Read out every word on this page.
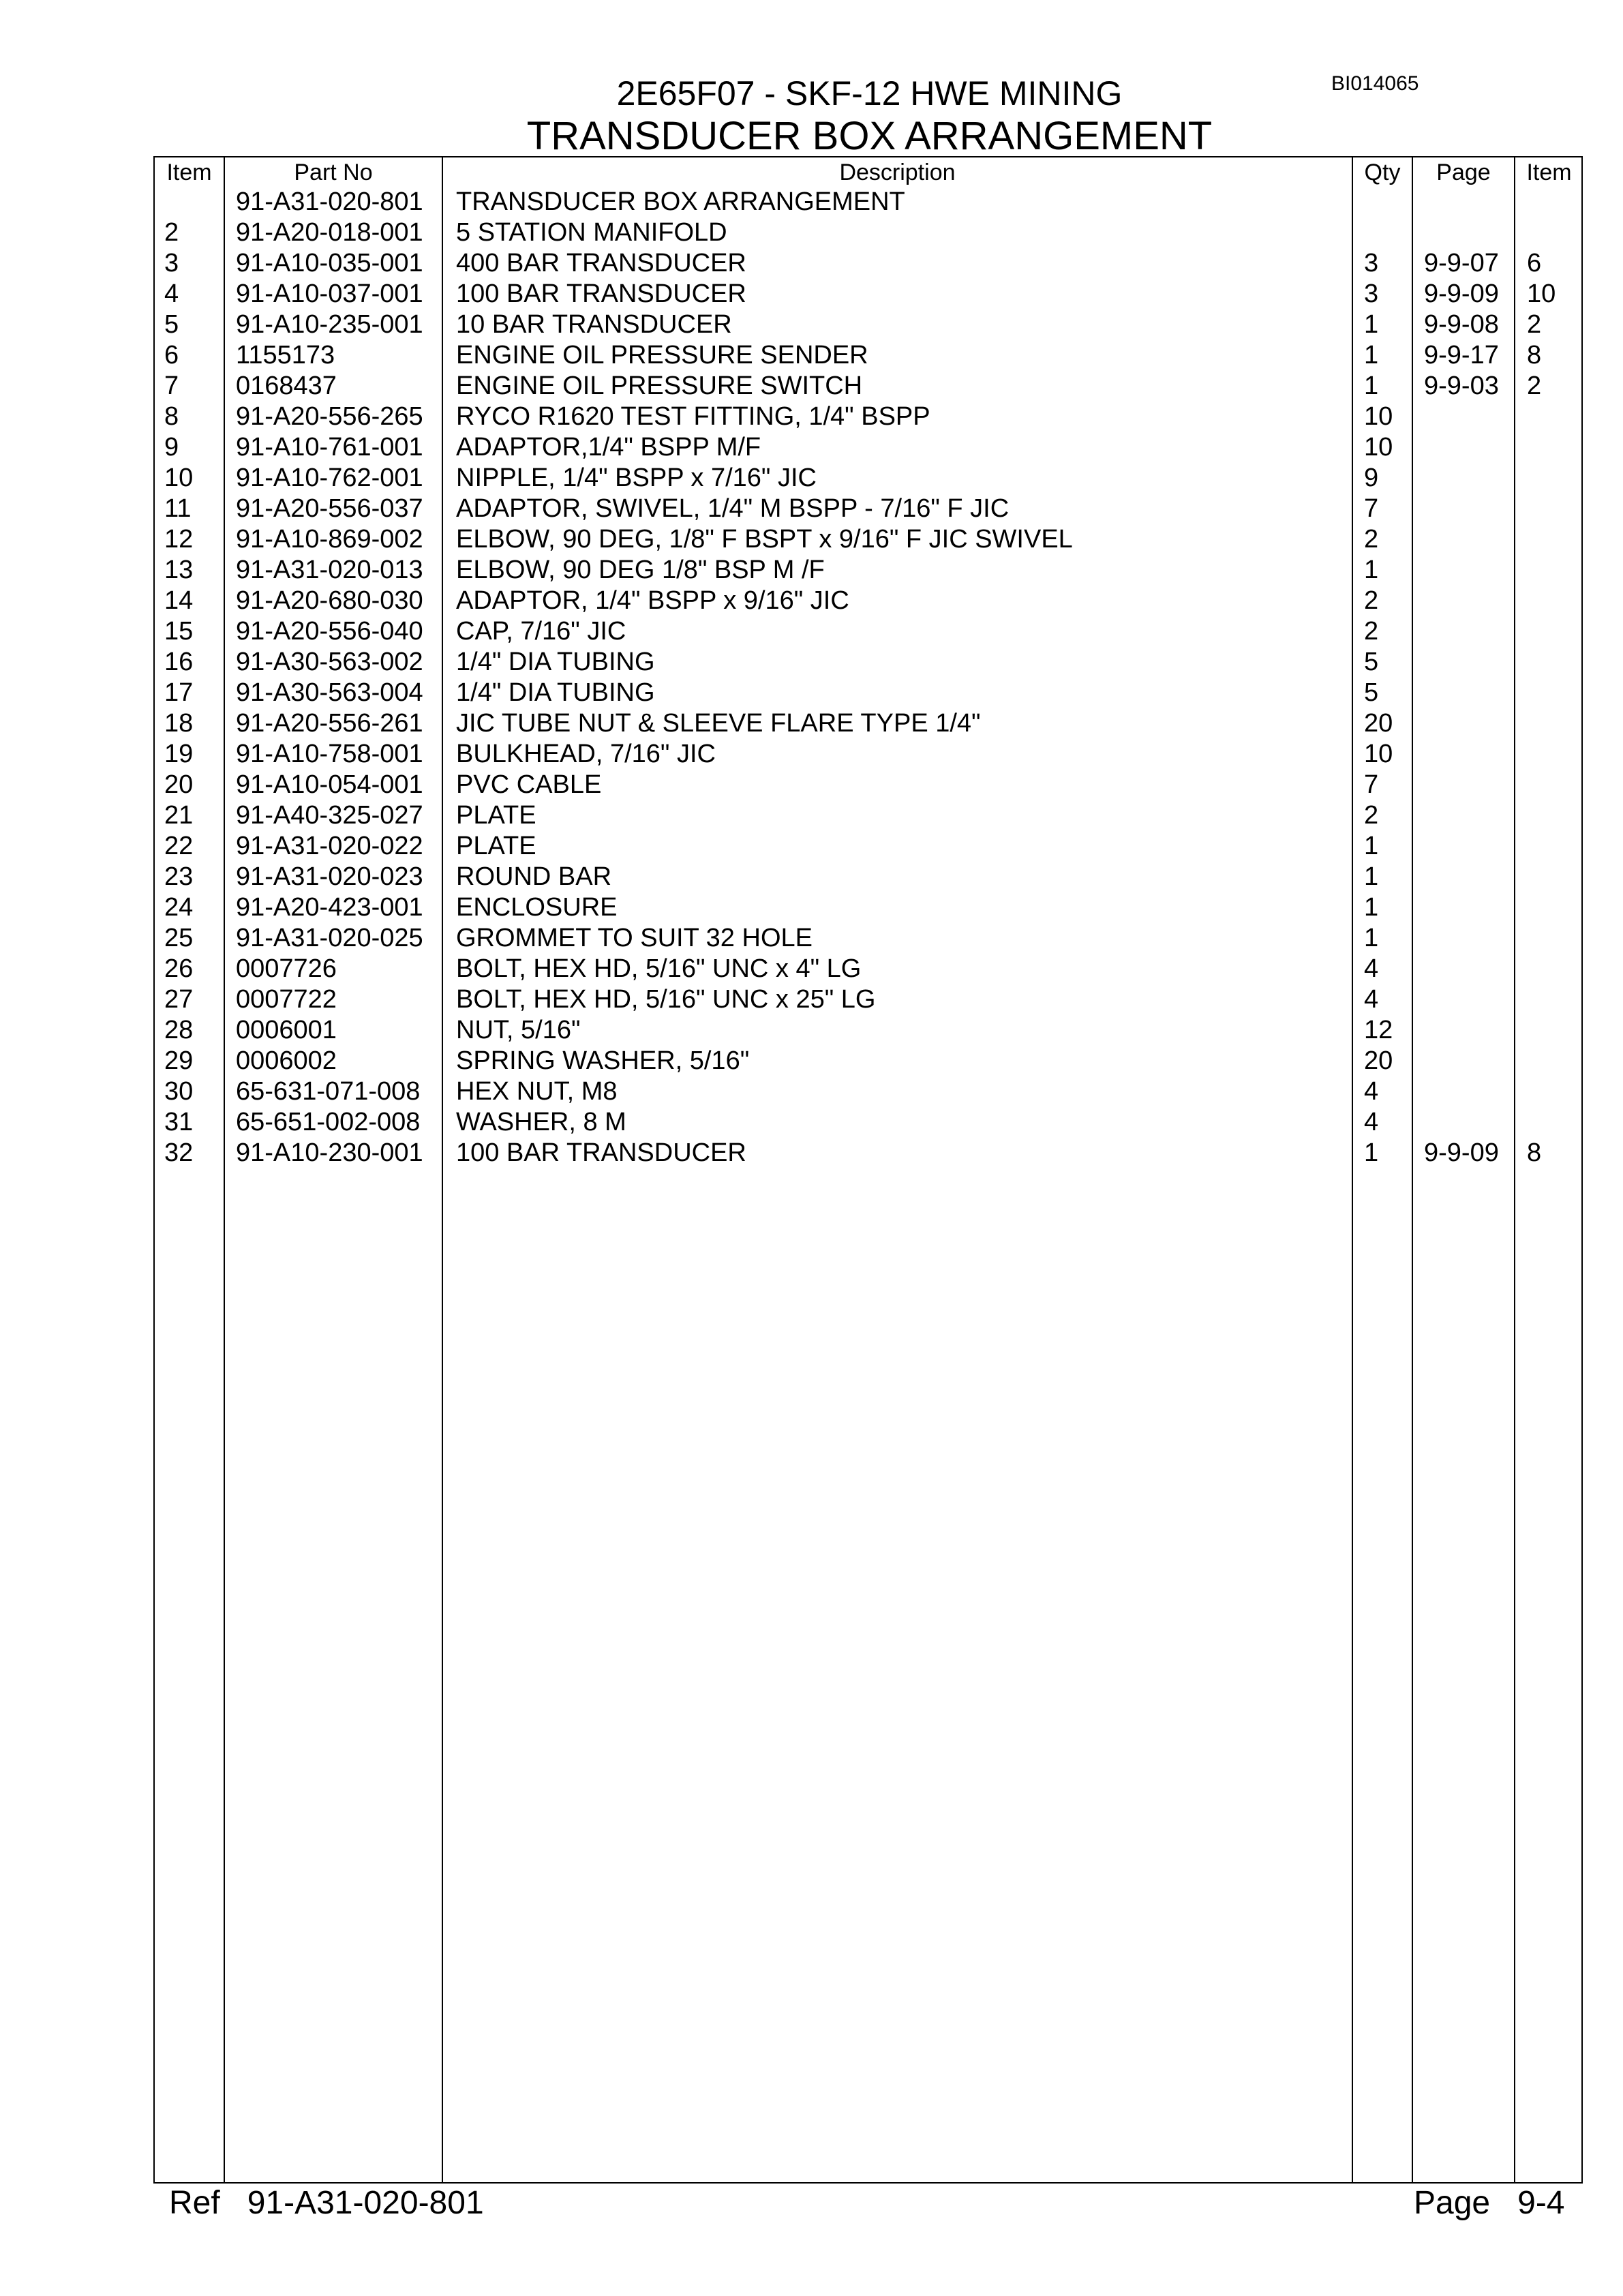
BI014065
2E65F07 - SKF-12 HWE MINING
TRANSDUCER BOX ARRANGEMENT
Item	Part No	Description	Qty	Page	Item
91-A31-020-801 TRANSDUCER BOX ARRANGEMENT
2 91-A20-018-001 5 STATION MANIFOLD
3 91-A10-035-001 400 BAR TRANSDUCER	3 9-9-07 6
4 91-A10-037-001 100 BAR TRANSDUCER	3 9-9-09 10
5 91-A10-235-001 10 BAR TRANSDUCER	1 9-9-08 2
6 1155173	ENGINE OIL PRESSURE SENDER	1 9-9-17 8
7 0168437	ENGINE OIL PRESSURE SWITCH	1 9-9-03 2
8 91-A20-556-265 RYCO R1620 TEST FITTING, 1/4" BSPP	10
9 91-A10-761-001 ADAPTOR,1/4" BSPP M/F	10
10 91-A10-762-001 NIPPLE, 1/4" BSPP x 7/16" JIC	9
11 91-A20-556-037 ADAPTOR, SWIVEL, 1/4" M BSPP - 7/16" F JIC	7
12 91-A10-869-002 ELBOW, 90 DEG, 1/8" F BSPT x 9/16" F JIC SWIVEL	2
13 91-A31-020-013 ELBOW, 90 DEG 1/8" BSP M /F	1
14 91-A20-680-030 ADAPTOR, 1/4" BSPP x 9/16" JIC	2
15 91-A20-556-040 CAP, 7/16" JIC	2
16 91-A30-563-002 1/4" DIA TUBING	5
17 91-A30-563-004 1/4" DIA TUBING	5
18 91-A20-556-261 JIC TUBE NUT & SLEEVE FLARE TYPE 1/4"	20
19 91-A10-758-001 BULKHEAD, 7/16" JIC	10
20 91-A10-054-001 PVC CABLE	7
21 91-A40-325-027 PLATE	2
22 91-A31-020-022 PLATE	1
23 91-A31-020-023 ROUND BAR	1
24 91-A20-423-001 ENCLOSURE	1
25 91-A31-020-025 GROMMET TO SUIT 32 HOLE	1
26 0007726	BOLT, HEX HD, 5/16" UNC x 4" LG	4
27 0007722	BOLT, HEX HD, 5/16" UNC x 25" LG	4
28 0006001	NUT, 5/16"	12
29 0006002	SPRING WASHER, 5/16"	20
30 65-631-071-008 HEX NUT, M8	4
31 65-651-002-008 WASHER, 8 M	4
32 91-A10-230-001 100 BAR TRANSDUCER	1 9-9-09 8
Ref 91-A31-020-801	Page 9-4
